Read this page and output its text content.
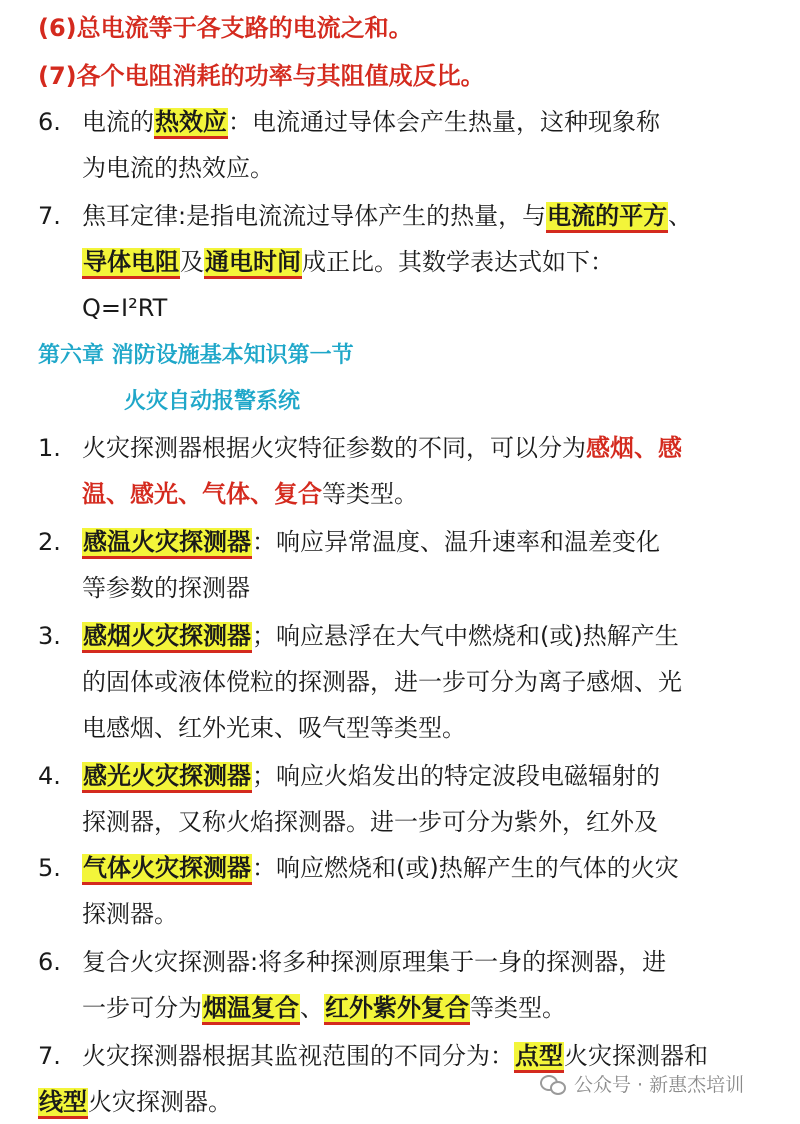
(6)总电流等于各支路的电流之和。
(7)各个电阻消耗的功率与其阻值成反比。
6. 电流的热效应：电流通过导体会产生热量，这种现象称
为电流的热效应。
7. 焦耳定律:是指电流流过导体产生的热量，与电流的平方、
导体电阻及通电时间成正比。其数学表达式如下：
Q=I²RT
第六章 消防设施基本知识第一节
火灾自动报警系统
1. 火灾探测器根据火灾特征参数的不同，可以分为感烟、感
温、感光、气体、复合等类型。
2. 感温火灾探测器：响应异常温度、温升速率和温差变化
等参数的探测器
3. 感烟火灾探测器；响应悬浮在大气中燃烧和(或)热解产生
的固体或液体傥粒的探测器，进一步可分为离子感烟、光
电感烟、红外光束、吸气型等类型。
4. 感光火灾探测器；响应火焰发出的特定波段电磁辐射的
探测器，又称火焰探测器。进一步可分为紫外，红外及
5. 气体火灾探测器：响应燃烧和(或)热解产生的气体的火灾
探测器。
6. 复合火灾探测器:将多种探测原理集于一身的探测器，进
一步可分为烟温复合、红外紫外复合等类型。
7. 火灾探测器根据其监视范围的不同分为：点型火灾探测器和
线型火灾探测器。
公众号 · 新惠杰培训
